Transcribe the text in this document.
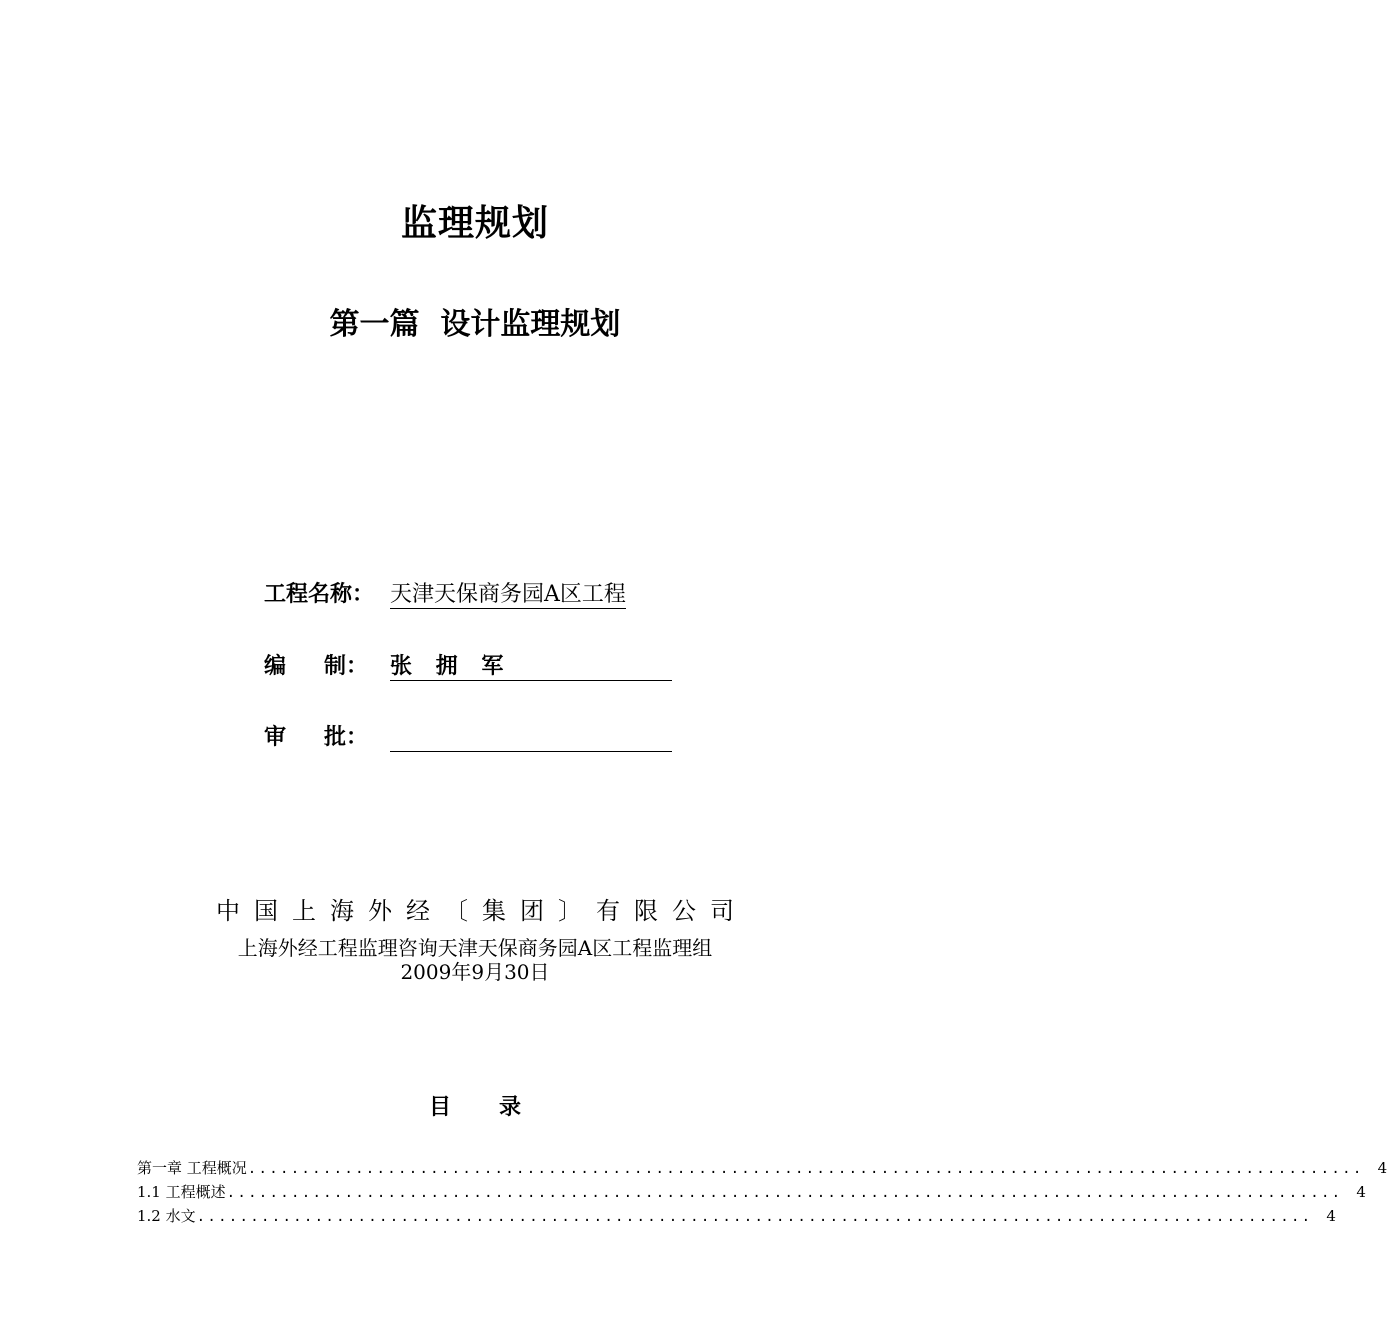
监理规划
第一篇  设计监理规划
工程名称： 天津天保商务园A区工程
编 制： 张 拥 军
审 批：
中国上海外经〔集团〕有限公司
上海外经工程监理咨询天津天保商务园A区工程监理组
2009年9月30日
目录
第一章 工程概况 ........................................................................................................ 4
1.1 工程概述 ........................................................................................................ 4
1.2 水文 ........................................................................................................ 4
